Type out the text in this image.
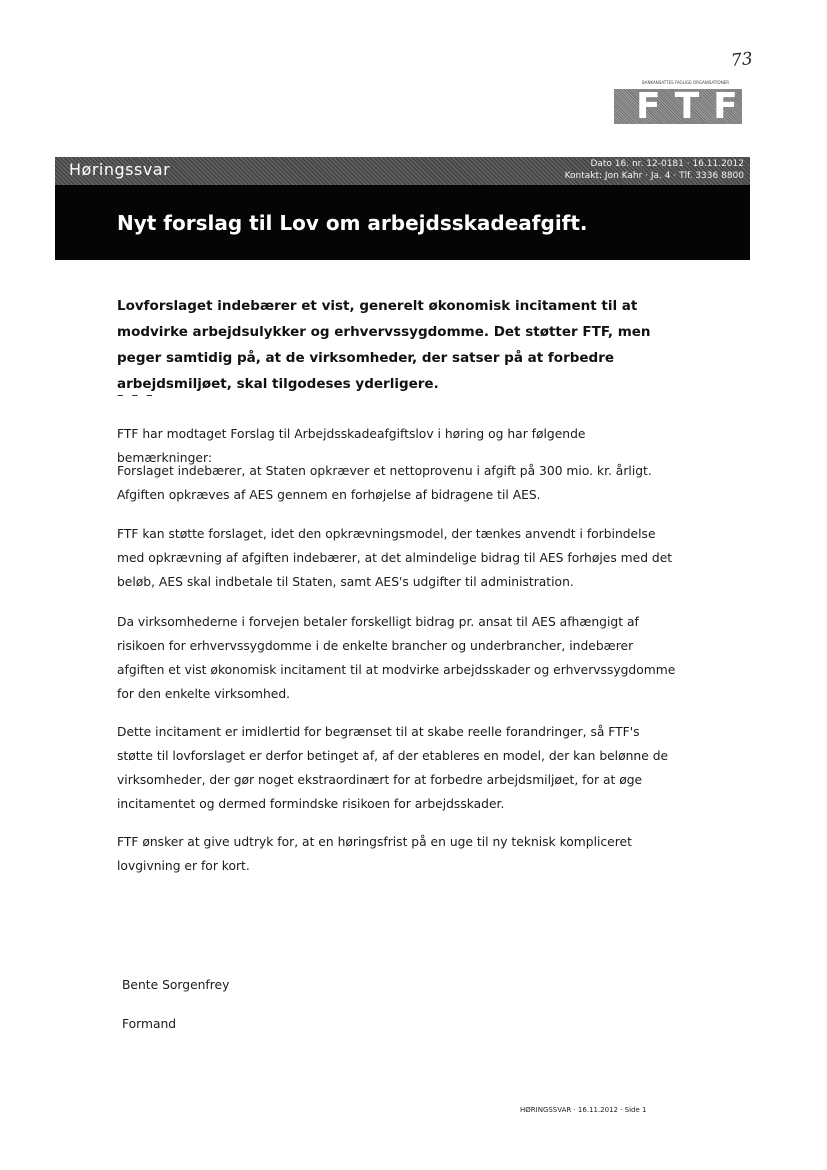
73
BANKANSATTES FAGLIGE ORGANISATIONER
FTF
Høringssvar	Dato 16. nr. 12-0181 · 16.11.2012
Kontakt: Jon Kahr · Ja. 4 · Tlf. 3336 8800
Nyt forslag til Lov om arbejdsskadeafgift.

Lovforslaget indebærer et vist, generelt økonomisk incitament til at modvirke arbejdsulykker og erhvervssygdomme. Det støtter FTF, men peger samtidig på, at de virksomheder, der satser på at forbedre arbejdsmiljøet, skal tilgodeses yderligere.

– – –

FTF har modtaget Forslag til Arbejdsskadeafgiftslov i høring og har følgende bemærkninger:

Forslaget indebærer, at Staten opkræver et nettoprovenu i afgift på 300 mio. kr. årligt. Afgiften opkræves af AES gennem en forhøjelse af bidragene til AES.

FTF kan støtte forslaget, idet den opkrævningsmodel, der tænkes anvendt i forbindelse med opkrævning af afgiften indebærer, at det almindelige bidrag til AES forhøjes med det beløb, AES skal indbetale til Staten, samt AES's udgifter til administration.

Da virksomhederne i forvejen betaler forskelligt bidrag pr. ansat til AES afhængigt af risikoen for erhvervssygdomme i de enkelte brancher og underbrancher, indebærer afgiften et vist økonomisk incitament til at modvirke arbejdsskader og erhvervssygdomme for den enkelte virksomhed.

Dette incitament er imidlertid for begrænset til at skabe reelle forandringer, så FTF's støtte til lovforslaget er derfor betinget af, af der etableres en model, der kan belønne de virksomheder, der gør noget ekstraordinært for at forbedre arbejdsmiljøet, for at øge incitamentet og dermed formindske risikoen for arbejdsskader.

FTF ønsker at give udtryk for, at en høringsfrist på en uge til ny teknisk kompliceret lovgivning er for kort.

Bente Sorgenfrey

Formand

HØRINGSSVAR · 16.11.2012 · Side 1
